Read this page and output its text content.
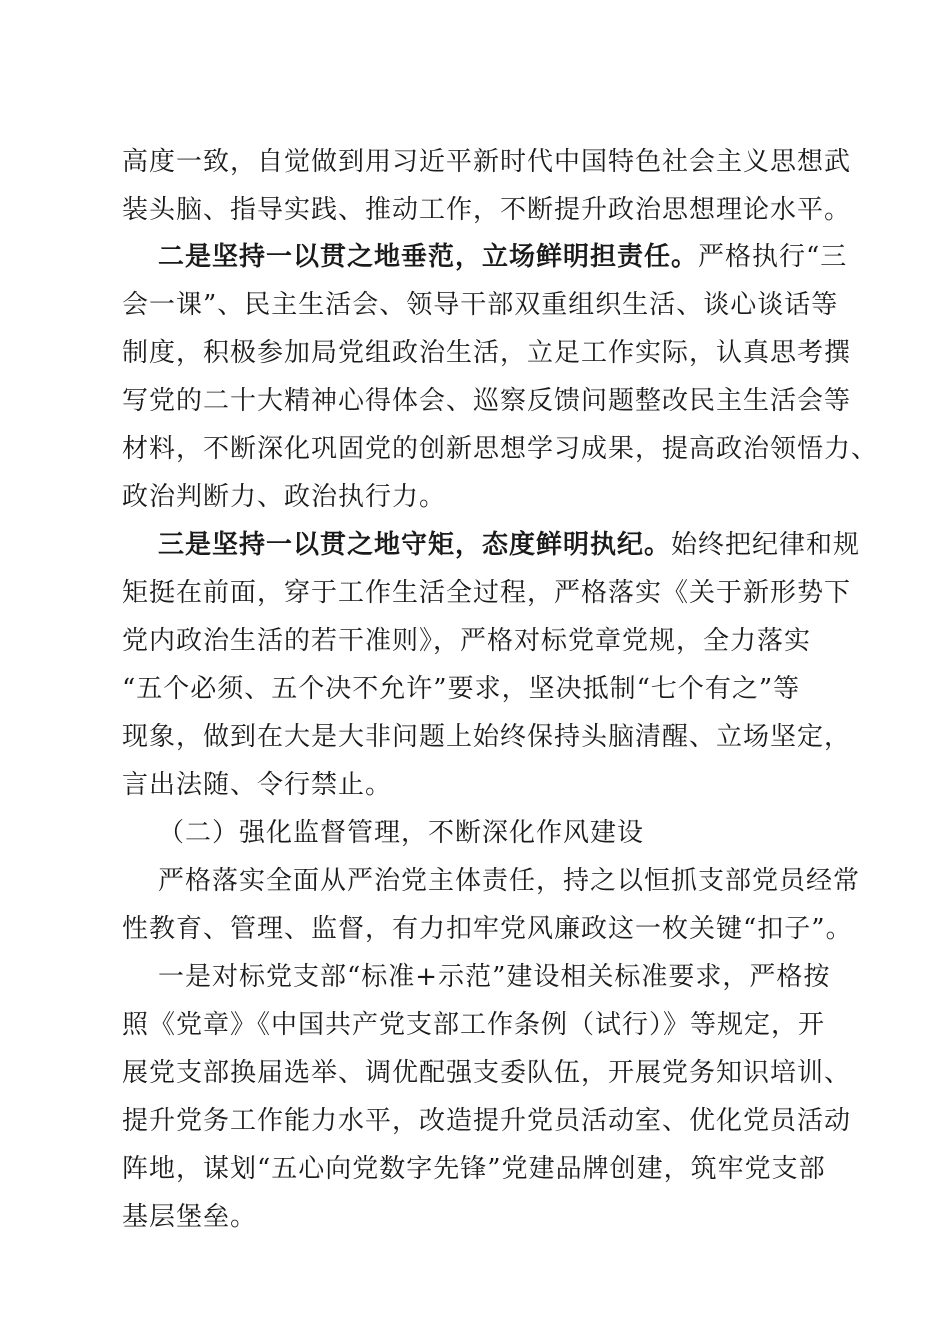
高度一致，自觉做到用习近平新时代中国特色社会主义思想武

装头脑、指导实践、推动工作，不断提升政治思想理论水平。

二是坚持一以贯之地垂范，立场鲜明担责任。严格执行“三

会一课”、民主生活会、领导干部双重组织生活、谈心谈话等

制度，积极参加局党组政治生活，立足工作实际，认真思考撰

写党的二十大精神心得体会、巡察反馈问题整改民主生活会等

材料，不断深化巩固党的创新思想学习成果，提高政治领悟力、

政治判断力、政治执行力。

三是坚持一以贯之地守矩，态度鲜明执纪。始终把纪律和规

矩挺在前面，穿于工作生活全过程，严格落实《关于新形势下

党内政治生活的若干准则》，严格对标党章党规，全力落实

“五个必须、五个决不允许”要求，坚决抵制“七个有之”等

现象，做到在大是大非问题上始终保持头脑清醒、立场坚定，

言出法随、令行禁止。

（二）强化监督管理，不断深化作风建设

严格落实全面从严治党主体责任，持之以恒抓支部党员经常

性教育、管理、监督，有力扣牢党风廉政这一枚关键“扣子”。

一是对标党支部“标准+示范”建设相关标准要求，严格按

照《党章》《中国共产党支部工作条例（试行）》等规定，开

展党支部换届选举、调优配强支委队伍，开展党务知识培训、

提升党务工作能力水平，改造提升党员活动室、优化党员活动

阵地，谋划“五心向党数字先锋”党建品牌创建，筑牢党支部

基层堡垒。
